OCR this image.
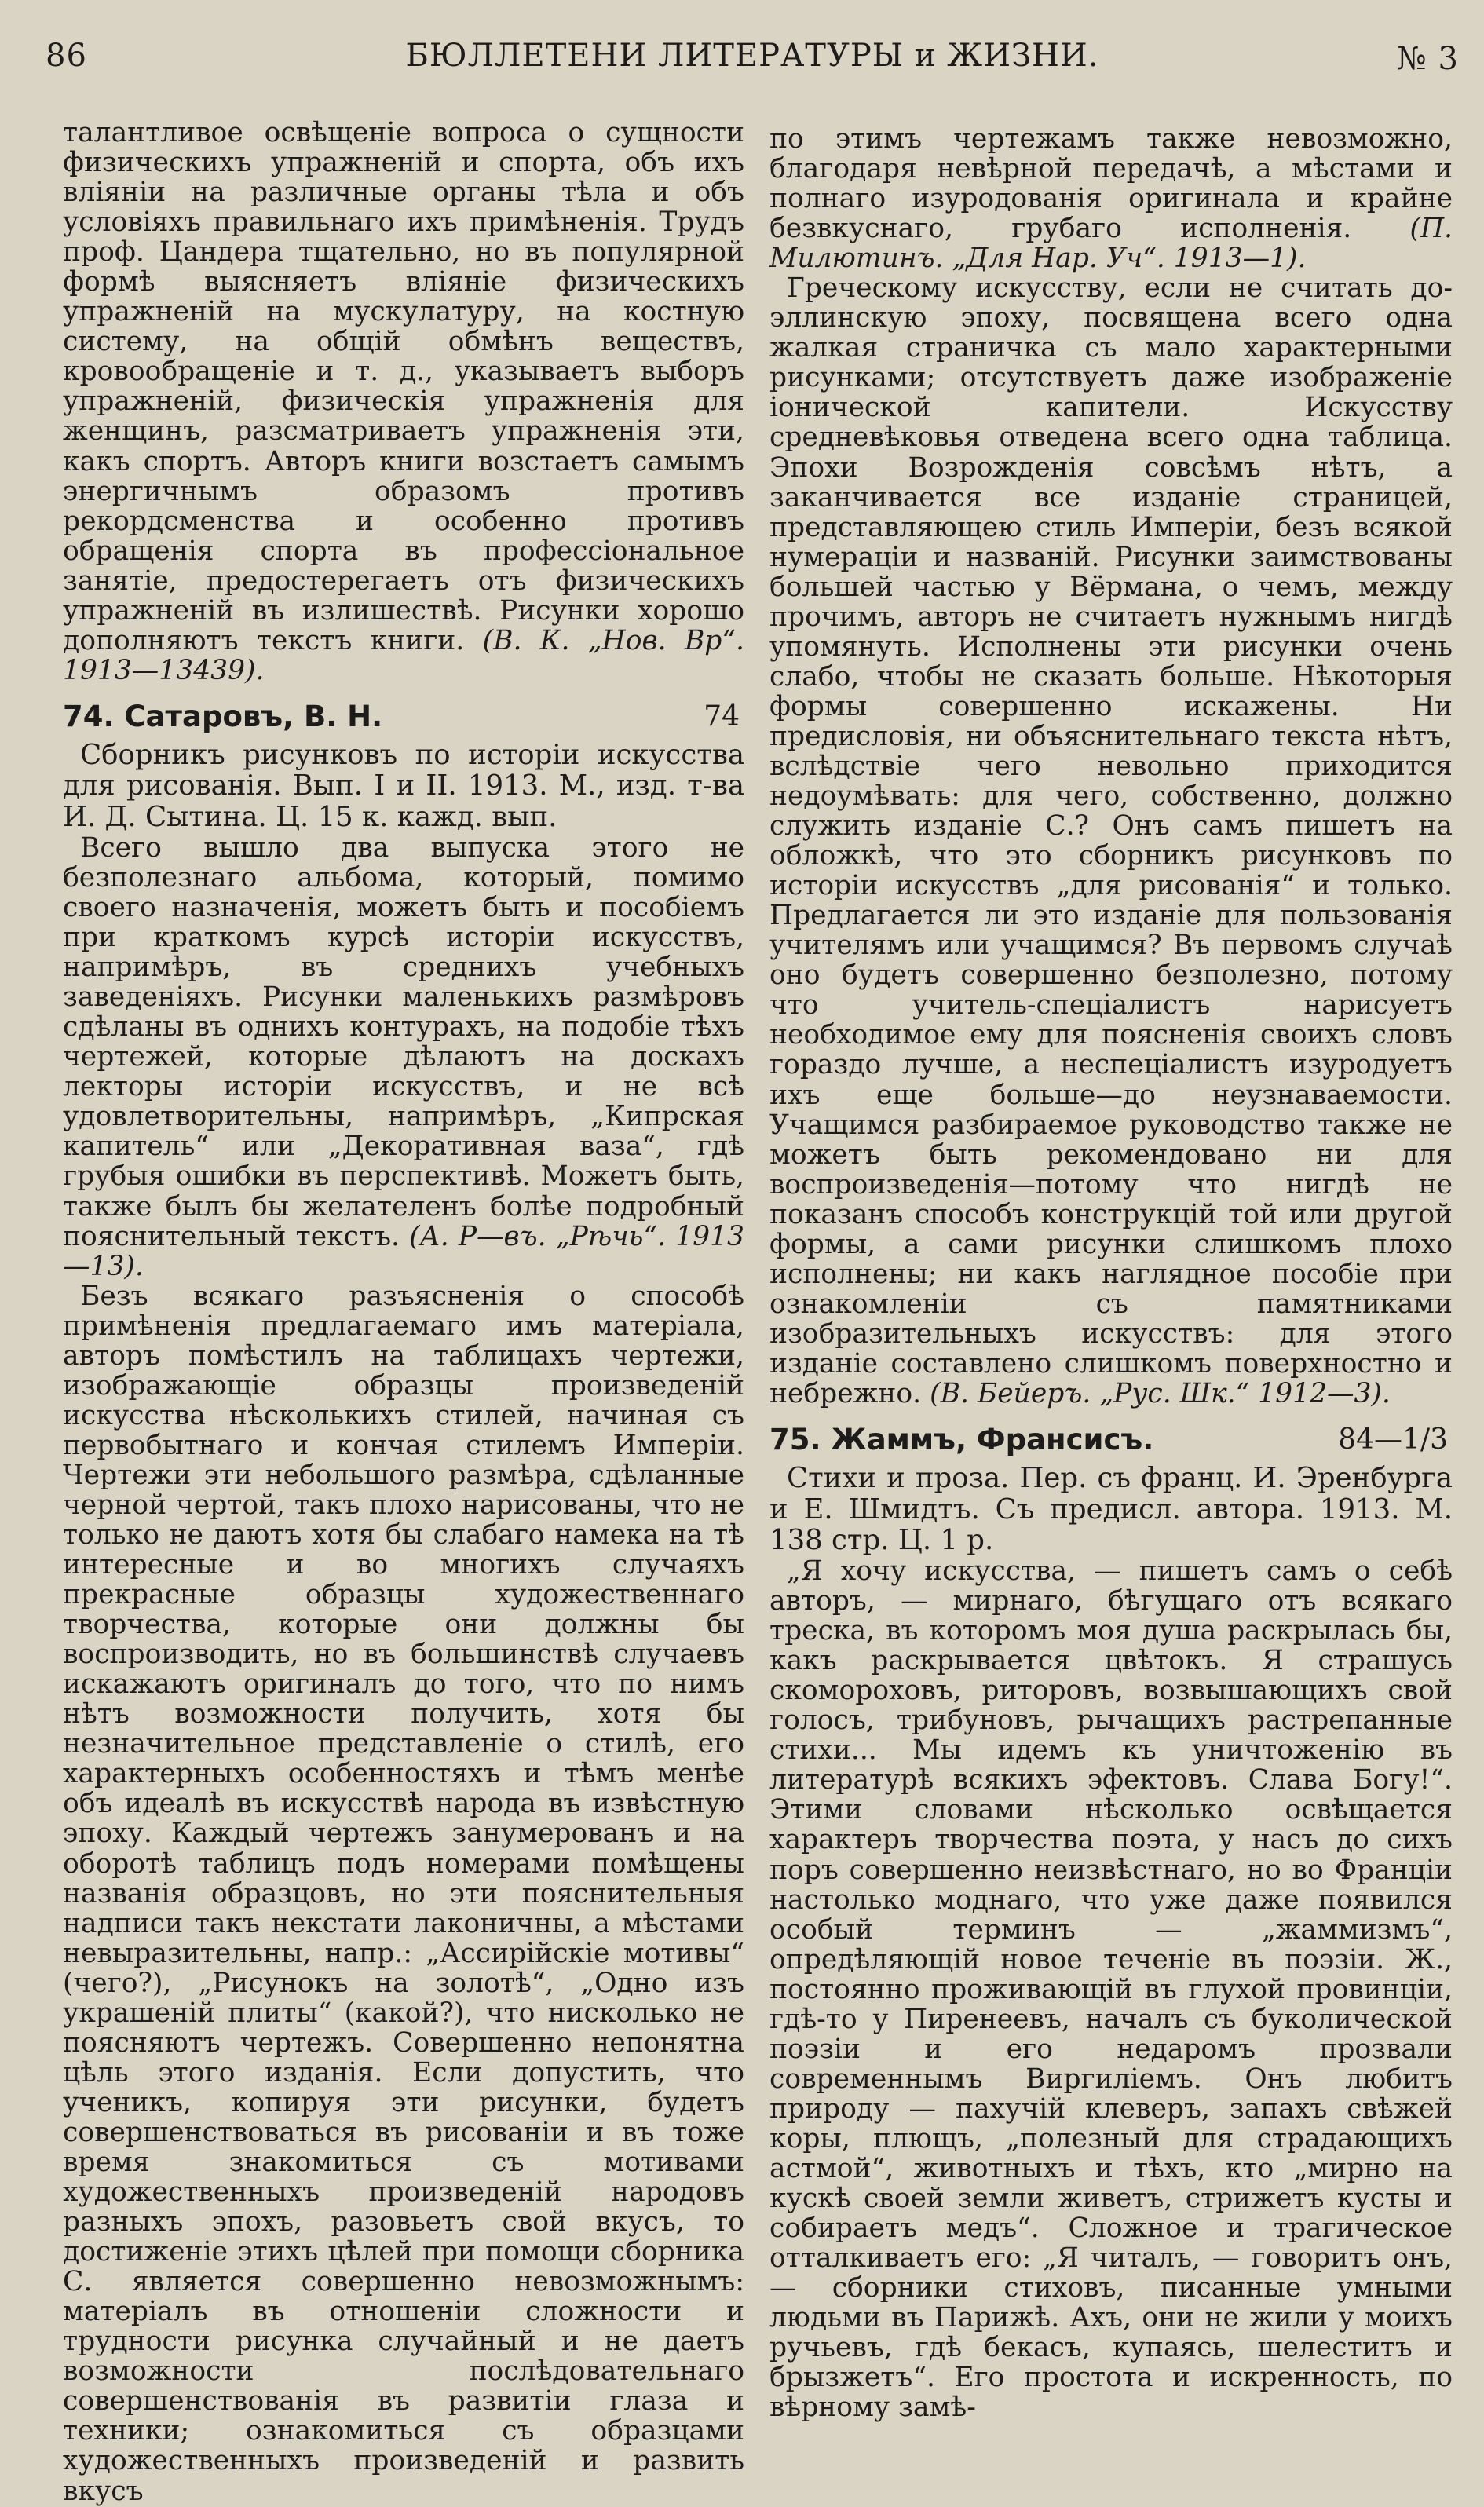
86	БЮЛЛЕТЕНИ ЛИТЕРАТУРЫ и ЖИЗНИ.	№ 3

талантливое освѣщеніе вопроса о сущности физическихъ упражненій и спорта, объ ихъ вліяніи на различные органы тѣла и объ условіяхъ правильнаго ихъ примѣненія. Трудъ проф. Цандера тщательно, но въ популярной формѣ выясняетъ вліяніе физическихъ упражненій на мускулатуру, на костную систему, на общій обмѣнъ веществъ, кровообращеніе и т. д., указываетъ выборъ упражненій, физическія упражненія для женщинъ, разсматриваетъ упражненія эти, какъ спортъ. Авторъ книги возстаетъ самымъ энергичнымъ образомъ противъ рекордсменства и особенно противъ обращенія спорта въ профессіональное занятіе, предостерегаетъ отъ физическихъ упражненій въ излишествѣ. Рисунки хорошо дополняютъ текстъ книги. (В. К. „Нов. Вр“. 1913—13439).

74. Сатаровъ, В. Н.	74

Сборникъ рисунковъ по исторіи искусства для рисованія. Вып. I и II. 1913. М., изд. т-ва И. Д. Сытина. Ц. 15 к. кажд. вып.

Всего вышло два выпуска этого не безполезнаго альбома, который, помимо своего назначенія, можетъ быть и пособіемъ при краткомъ курсѣ исторіи искусствъ, напримѣръ, въ среднихъ учебныхъ заведеніяхъ. Рисунки маленькихъ размѣровъ сдѣланы въ однихъ контурахъ, на подобіе тѣхъ чертежей, которые дѣлаютъ на доскахъ лекторы исторіи искусствъ, и не всѣ удовлетворительны, напримѣръ, „Кипрская капитель“ или „Декоративная ваза“, гдѣ грубыя ошибки въ перспективѣ. Можетъ быть, также былъ бы желателенъ болѣе подробный пояснительный текстъ. (А. Р—въ. „Рѣчь“. 1913—13).

Безъ всякаго разъясненія о способѣ примѣненія предлагаемаго имъ матеріала, авторъ помѣстилъ на таблицахъ чертежи, изображающіе образцы произведеній искусства нѣсколькихъ стилей, начиная съ первобытнаго и кончая стилемъ Имперіи. Чертежи эти небольшого размѣра, сдѣланные черной чертой, такъ плохо нарисованы, что не только не даютъ хотя бы слабаго намека на тѣ интересные и во многихъ случаяхъ прекрасные образцы художественнаго творчества, которые они должны бы воспроизводить, но въ большинствѣ случаевъ искажаютъ оригиналъ до того, что по нимъ нѣтъ возможности получить, хотя бы незначительное представленіе о стилѣ, его характерныхъ особенностяхъ и тѣмъ менѣе объ идеалѣ въ искусствѣ народа въ извѣстную эпоху. Каждый чертежъ занумерованъ и на оборотѣ таблицъ подъ номерами помѣщены названія образцовъ, но эти пояснительныя надписи такъ некстати лаконичны, а мѣстами невыразительны, напр.: „Ассирійскіе мотивы“ (чего?), „Рисунокъ на золотѣ“, „Одно изъ украшеній плиты“ (какой?), что нисколько не поясняютъ чертежъ. Совершенно непонятна цѣль этого изданія. Если допустить, что ученикъ, копируя эти рисунки, будетъ совершенствоваться въ рисованіи и въ тоже время знакомиться съ мотивами художественныхъ произведеній народовъ разныхъ эпохъ, разовьетъ свой вкусъ, то достиженіе этихъ цѣлей при помощи сборника С. является совершенно невозможнымъ: матеріалъ въ отношеніи сложности и трудности рисунка случайный и не даетъ возможности послѣдовательнаго совершенствованія въ развитіи глаза и техники; ознакомиться съ образцами художественныхъ произведеній и развить вкусъ

по этимъ чертежамъ также невозможно, благодаря невѣрной передачѣ, а мѣстами и полнаго изуродованія оригинала и крайне безвкуснаго, грубаго исполненія. (П. Милютинъ. „Для Нар. Уч“. 1913—1).

Греческому искусству, если не считать до-эллинскую эпоху, посвящена всего одна жалкая страничка съ мало характерными рисунками; отсутствуетъ даже изображеніе іонической капители. Искусству средневѣковья отведена всего одна таблица. Эпохи Возрожденія совсѣмъ нѣтъ, а заканчивается все изданіе страницей, представляющею стиль Имперіи, безъ всякой нумераціи и названій. Рисунки заимствованы большей частью у Вёрмана, о чемъ, между прочимъ, авторъ не считаетъ нужнымъ нигдѣ упомянуть. Исполнены эти рисунки очень слабо, чтобы не сказать больше. Нѣкоторыя формы совершенно искажены. Ни предисловія, ни объяснительнаго текста нѣтъ, вслѣдствіе чего невольно приходится недоумѣвать: для чего, собственно, должно служить изданіе С.? Онъ самъ пишетъ на обложкѣ, что это сборникъ рисунковъ по исторіи искусствъ „для рисованія“ и только. Предлагается ли это изданіе для пользованія учителямъ или учащимся? Въ первомъ случаѣ оно будетъ совершенно безполезно, потому что учитель-спеціалистъ нарисуетъ необходимое ему для поясненія своихъ словъ гораздо лучше, а неспеціалистъ изуродуетъ ихъ еще больше—до неузнаваемости. Учащимся разбираемое руководство также не можетъ быть рекомендовано ни для воспроизведенія—потому что нигдѣ не показанъ способъ конструкцій той или другой формы, а сами рисунки слишкомъ плохо исполнены; ни какъ наглядное пособіе при ознакомленіи съ памятниками изобразительныхъ искусствъ: для этого изданіе составлено слишкомъ поверхностно и небрежно. (В. Бейеръ. „Рус. Шк.“ 1912—3).

75. Жаммъ, Франсисъ.	84—1/3

Стихи и проза. Пер. съ франц. И. Эренбурга и Е. Шмидтъ. Съ предисл. автора. 1913. М. 138 стр. Ц. 1 р.

„Я хочу искусства, — пишетъ самъ о себѣ авторъ, — мирнаго, бѣгущаго отъ всякаго треска, въ которомъ моя душа раскрылась бы, какъ раскрывается цвѣтокъ. Я страшусь скомороховъ, риторовъ, возвышающихъ свой голосъ, трибуновъ, рычащихъ растрепанные стихи... Мы идемъ къ уничтоженію въ литературѣ всякихъ эфектовъ. Слава Богу!“. Этими словами нѣсколько освѣщается характеръ творчества поэта, у насъ до сихъ поръ совершенно неизвѣстнаго, но во Франціи настолько моднаго, что уже даже появился особый терминъ — „жаммизмъ“, опредѣляющій новое теченіе въ поэзіи. Ж., постоянно проживающій въ глухой провинціи, гдѣ-то у Пиренеевъ, началъ съ буколической поэзіи и его недаромъ прозвали современнымъ Виргиліемъ. Онъ любитъ природу — пахучій клеверъ, запахъ свѣжей коры, плющъ, „полезный для страдающихъ астмой“, животныхъ и тѣхъ, кто „мирно на кускѣ своей земли живетъ, стрижетъ кусты и собираетъ медъ“. Сложное и трагическое отталкиваетъ его: „Я читалъ, — говоритъ онъ, — сборники стиховъ, писанные умными людьми въ Парижѣ. Ахъ, они не жили у моихъ ручьевъ, гдѣ бекасъ, купаясь, шелеститъ и брызжетъ“. Его простота и искренность, по вѣрному замѣ-
